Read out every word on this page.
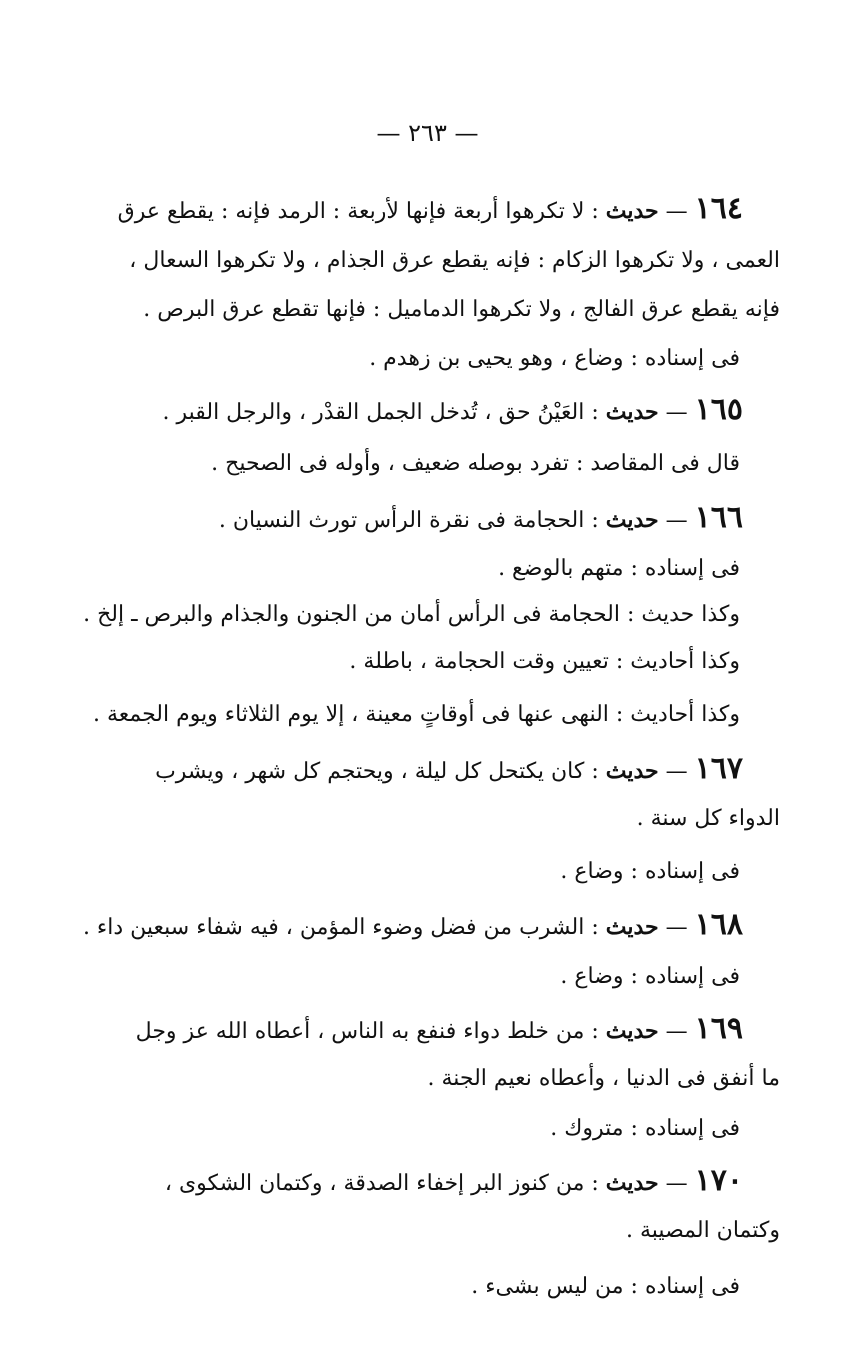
— ٢٦٣ —
١٦٤ — حديث : لا تكرهوا أربعة فإنها لأربعة : الرمد فإنه : يقطع عرق
العمى ، ولا تكرهوا الزكام : فإنه يقطع عرق الجذام ، ولا تكرهوا السعال ،
فإنه يقطع عرق الفالج ، ولا تكرهوا الدماميل : فإنها تقطع عرق البرص .
فى إسناده : وضاع ، وهو يحيى بن زهدم .
١٦٥ — حديث : العَيْنُ حق ، تُدخل الجمل القدْر ، والرجل القبر .
قال فى المقاصد : تفرد بوصله ضعيف ، وأوله فى الصحيح .
١٦٦ — حديث : الحجامة فى نقرة الرأس تورث النسيان .
فى إسناده : متهم بالوضع .
وكذا حديث : الحجامة فى الرأس أمان من الجنون والجذام والبرص ـ إلخ .
وكذا أحاديث : تعيين وقت الحجامة ، باطلة .
وكذا أحاديث : النهى عنها فى أوقاتٍ معينة ، إلا يوم الثلاثاء ويوم الجمعة .
١٦٧ — حديث : كان يكتحل كل ليلة ، ويحتجم كل شهر ، ويشرب
الدواء كل سنة .
فى إسناده : وضاع .
١٦٨ — حديث : الشرب من فضل وضوء المؤمن ، فيه شفاء سبعين داء .
فى إسناده : وضاع .
١٦٩ — حديث : من خلط دواء فنفع به الناس ، أعطاه الله عز وجل
ما أنفق فى الدنيا ، وأعطاه نعيم الجنة .
فى إسناده : متروك .
١٧٠ — حديث : من كنوز البر إخفاء الصدقة ، وكتمان الشكوى ،
وكتمان المصيبة .
فى إسناده : من ليس بشىء .
